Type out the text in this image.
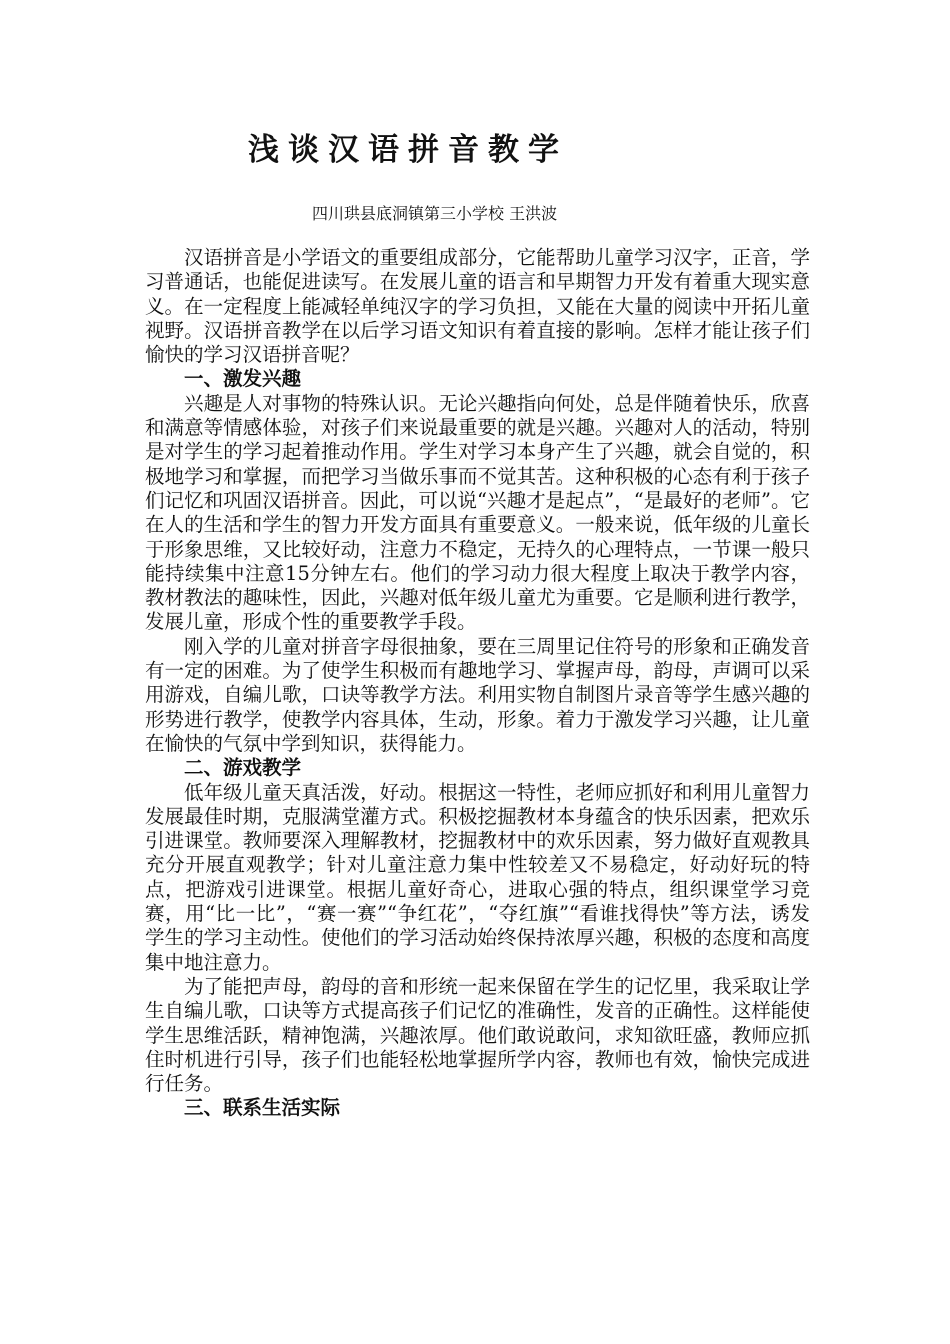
浅谈汉语拼音教学
四川珙县底洞镇第三小学校 王洪波

汉语拼音是小学语文的重要组成部分，它能帮助儿童学习汉字，正音，学习普通话，也能促进读写。在发展儿童的语言和早期智力开发有着重大现实意义。在一定程度上能减轻单纯汉字的学习负担，又能在大量的阅读中开拓儿童视野。汉语拼音教学在以后学习语文知识有着直接的影响。怎样才能让孩子们愉快的学习汉语拼音呢？

一、激发兴趣

兴趣是人对事物的特殊认识。无论兴趣指向何处，总是伴随着快乐，欣喜和满意等情感体验，对孩子们来说最重要的就是兴趣。兴趣对人的活动，特别是对学生的学习起着推动作用。学生对学习本身产生了兴趣，就会自觉的，积极地学习和掌握，而把学习当做乐事而不觉其苦。这种积极的心态有利于孩子们记忆和巩固汉语拼音。因此，可以说“兴趣才是起点”，“是最好的老师”。它在人的生活和学生的智力开发方面具有重要意义。一般来说，低年级的儿童长于形象思维，又比较好动，注意力不稳定，无持久的心理特点，一节课一般只能持续集中注意15分钟左右。他们的学习动力很大程度上取决于教学内容，教材教法的趣味性，因此，兴趣对低年级儿童尤为重要。它是顺利进行教学，发展儿童，形成个性的重要教学手段。

刚入学的儿童对拼音字母很抽象，要在三周里记住符号的形象和正确发音有一定的困难。为了使学生积极而有趣地学习、掌握声母，韵母，声调可以采用游戏，自编儿歌，口诀等教学方法。利用实物自制图片录音等学生感兴趣的形势进行教学，使教学内容具体，生动，形象。着力于激发学习兴趣，让儿童在愉快的气氛中学到知识，获得能力。

二、游戏教学

低年级儿童天真活泼，好动。根据这一特性，老师应抓好和利用儿童智力发展最佳时期，克服满堂灌方式。积极挖掘教材本身蕴含的快乐因素，把欢乐引进课堂。教师要深入理解教材，挖掘教材中的欢乐因素，努力做好直观教具充分开展直观教学；针对儿童注意力集中性较差又不易稳定，好动好玩的特点，把游戏引进课堂。根据儿童好奇心，进取心强的特点，组织课堂学习竞赛，用“比一比”，“赛一赛”“争红花”，“夺红旗”“看谁找得快”等方法，诱发学生的学习主动性。使他们的学习活动始终保持浓厚兴趣，积极的态度和高度集中地注意力。

为了能把声母，韵母的音和形统一起来保留在学生的记忆里，我采取让学生自编儿歌，口诀等方式提高孩子们记忆的准确性，发音的正确性。这样能使学生思维活跃，精神饱满，兴趣浓厚。他们敢说敢问，求知欲旺盛，教师应抓住时机进行引导，孩子们也能轻松地掌握所学内容，教师也有效，愉快完成进行任务。

三、联系生活实际
